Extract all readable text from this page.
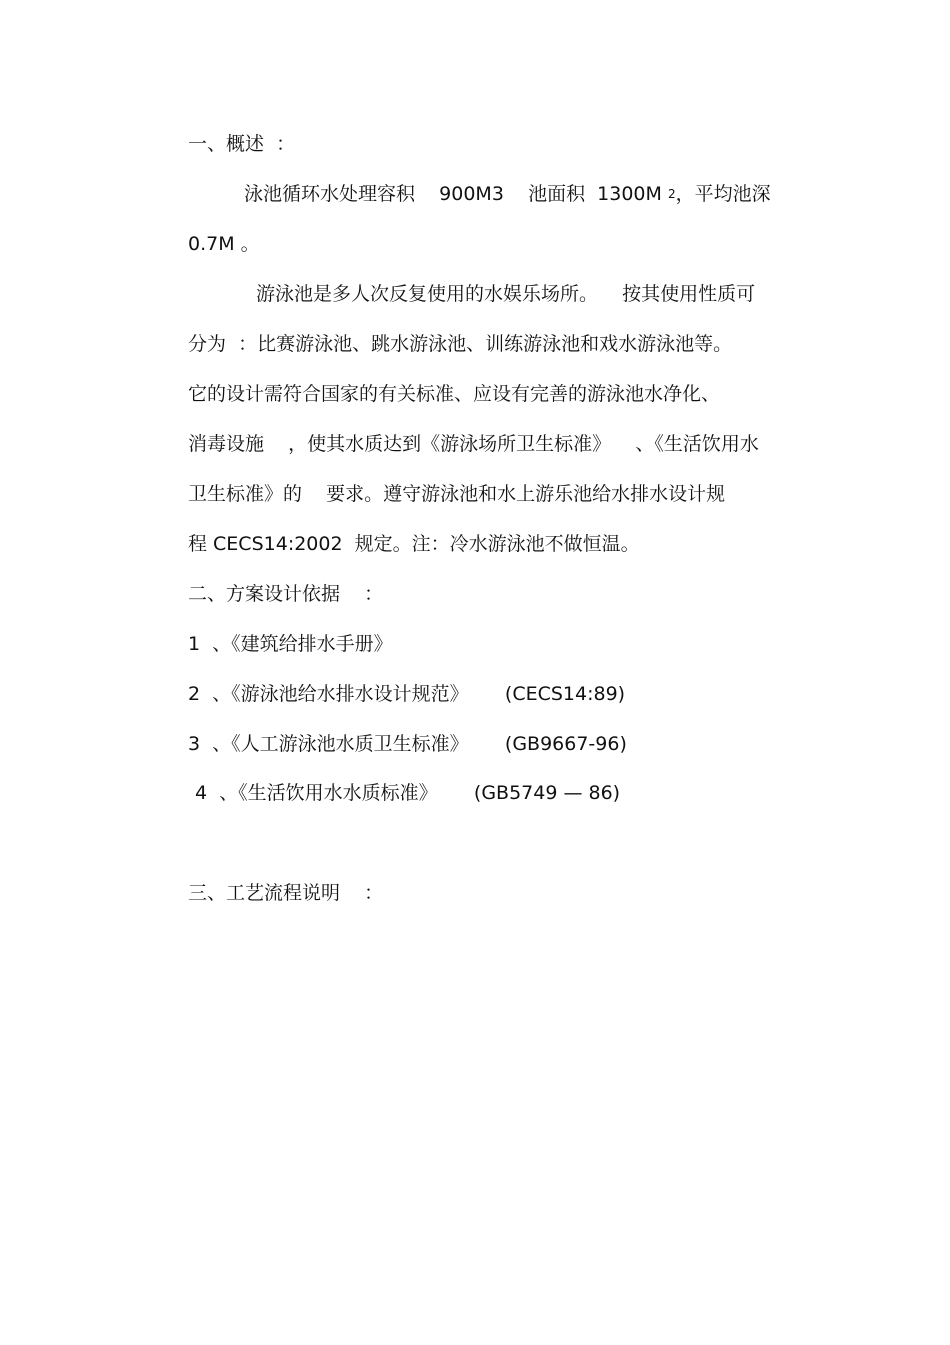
一、概述  ：
泳池循环水处理容积    900M3    池面积  1300M $^2$，平均池深
0.7M 。
游泳池是多人次反复使用的水娱乐场所。    按其使用性质可
分为  ：比赛游泳池、跳水游泳池、训练游泳池和戏水游泳池等。
它的设计需符合国家的有关标准、应设有完善的游泳池水净化、
消毒设施    ，使其水质达到《游泳场所卫生标准》    、《生活饮用水
卫生标准》的    要求。遵守游泳池和水上游乐池给水排水设计规
程 CECS14:2002  规定。注：冷水游泳池不做恒温。
二、方案设计依据    ：
1  、《建筑给排水手册》
2  、《游泳池给水排水设计规范》      (CECS14:89)
3  、《人工游泳池水质卫生标准》      (GB9667-96)
4  、《生活饮用水水质标准》      (GB5749 — 86)
三、工艺流程说明    ：
